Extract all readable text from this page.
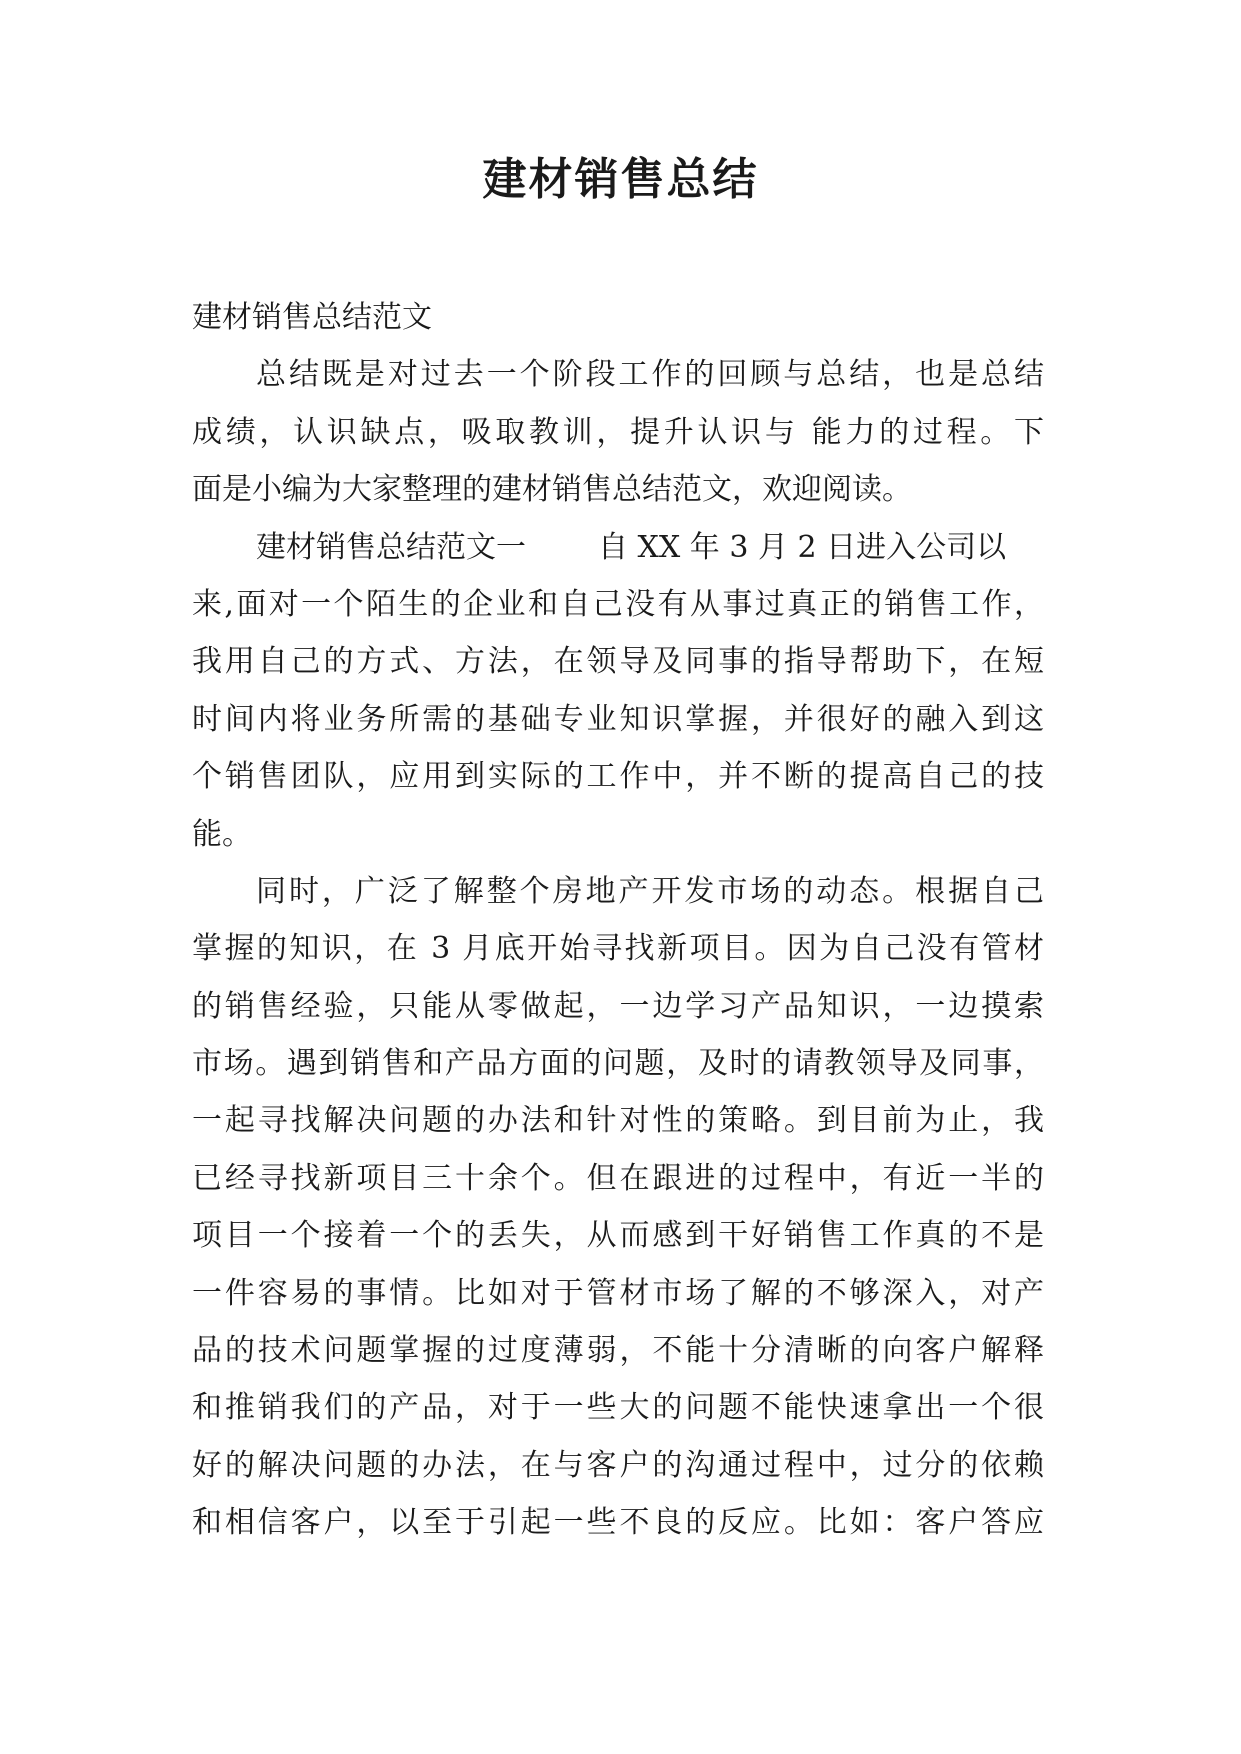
建材销售总结
建材销售总结范文
总结既是对过去一个阶段工作的回顾与总结，也是总结
成绩，认识缺点，吸取教训，提升认识与 能力的过程。下
面是小编为大家整理的建材销售总结范文，欢迎阅读。
建材销售总结范文一 自 XX 年 3 月 2 日进入公司以
来,面对一个陌生的企业和自己没有从事过真正的销售工作，
我用自己的方式、方法，在领导及同事的指导帮助下，在短
时间内将业务所需的基础专业知识掌握，并很好的融入到这
个销售团队，应用到实际的工作中，并不断的提高自己的技
能。
同时，广泛了解整个房地产开发市场的动态。根据自己
掌握的知识，在 3 月底开始寻找新项目。因为自己没有管材
的销售经验，只能从零做起，一边学习产品知识，一边摸索
市场。遇到销售和产品方面的问题，及时的请教领导及同事，
一起寻找解决问题的办法和针对性的策略。到目前为止，我
已经寻找新项目三十余个。但在跟进的过程中，有近一半的
项目一个接着一个的丢失，从而感到干好销售工作真的不是
一件容易的事情。比如对于管材市场了解的不够深入，对产
品的技术问题掌握的过度薄弱，不能十分清晰的向客户解释
和推销我们的产品，对于一些大的问题不能快速拿出一个很
好的解决问题的办法，在与客户的沟通过程中，过分的依赖
和相信客户，以至于引起一些不良的反应。比如：客户答应
